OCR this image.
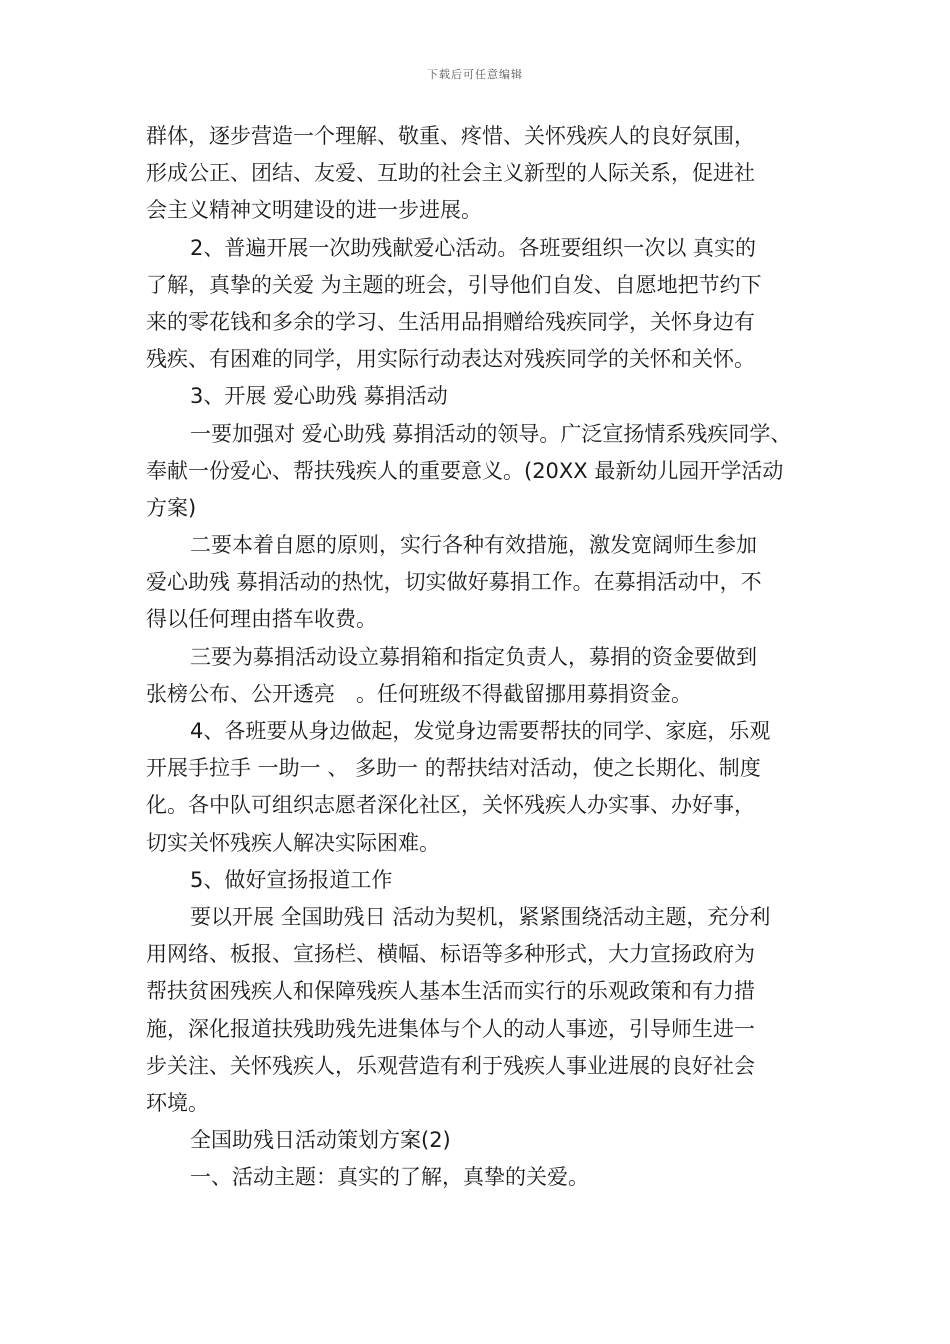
下载后可任意编辑
群体，逐步营造一个理解、敬重、疼惜、关怀残疾人的良好氛围，
形成公正、团结、友爱、互助的社会主义新型的人际关系，促进社
会主义精神文明建设的进一步进展。
2、普遍开展一次助残献爱心活动。各班要组织一次以 真实的
了解，真挚的关爱 为主题的班会，引导他们自发、自愿地把节约下
来的零花钱和多余的学习、生活用品捐赠给残疾同学，关怀身边有
残疾、有困难的同学，用实际行动表达对残疾同学的关怀和关怀。
3、开展 爱心助残 募捐活动
一要加强对 爱心助残 募捐活动的领导。广泛宣扬情系残疾同学、
奉献一份爱心、帮扶残疾人的重要意义。(20XX 最新幼儿园开学活动
方案)
二要本着自愿的原则，实行各种有效措施，激发宽阔师生参加
爱心助残 募捐活动的热忱，切实做好募捐工作。在募捐活动中，不
得以任何理由搭车收费。
三要为募捐活动设立募捐箱和指定负责人，募捐的资金要做到
张榜公布、公开透亮　。任何班级不得截留挪用募捐资金。
4、各班要从身边做起，发觉身边需要帮扶的同学、家庭，乐观
开展手拉手 一助一 、 多助一 的帮扶结对活动，使之长期化、制度
化。各中队可组织志愿者深化社区，关怀残疾人办实事、办好事，
切实关怀残疾人解决实际困难。
5、做好宣扬报道工作
要以开展 全国助残日 活动为契机，紧紧围绕活动主题，充分利
用网络、板报、宣扬栏、横幅、标语等多种形式，大力宣扬政府为
帮扶贫困残疾人和保障残疾人基本生活而实行的乐观政策和有力措
施，深化报道扶残助残先进集体与个人的动人事迹，引导师生进一
步关注、关怀残疾人，乐观营造有利于残疾人事业进展的良好社会
环境。
全国助残日活动策划方案(2)
一、活动主题：真实的了解，真挚的关爱。
